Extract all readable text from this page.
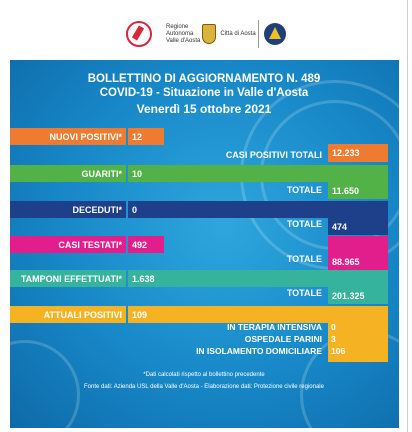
Regione Autonoma Valle d'Aosta
Città di Aosta
BOLLETTINO DI AGGIORNAMENTO N. 489
COVID-19 - Situazione in Valle d'Aosta
Venerdì 15 ottobre 2021
NUOVI POSITIVI*	12
CASI POSITIVI TOTALI	12.233
GUARITI*	10
TOTALE	11.650
DECEDUTI*	0
TOTALE	474
CASI TESTATI*	492
TOTALE	88.965
TAMPONI EFFETTUATI*	1.638
TOTALE	201.325
ATTUALI POSITIVI	109
IN TERAPIA INTENSIVA 0
OSPEDALE PARINI 3
IN ISOLAMENTO DOMICILIARE 106
*Dati calcolati rispetto al bollettino precedente
Fonte dati: Azienda USL della Valle d'Aosta - Elaborazione dati: Protezione civile regionale
